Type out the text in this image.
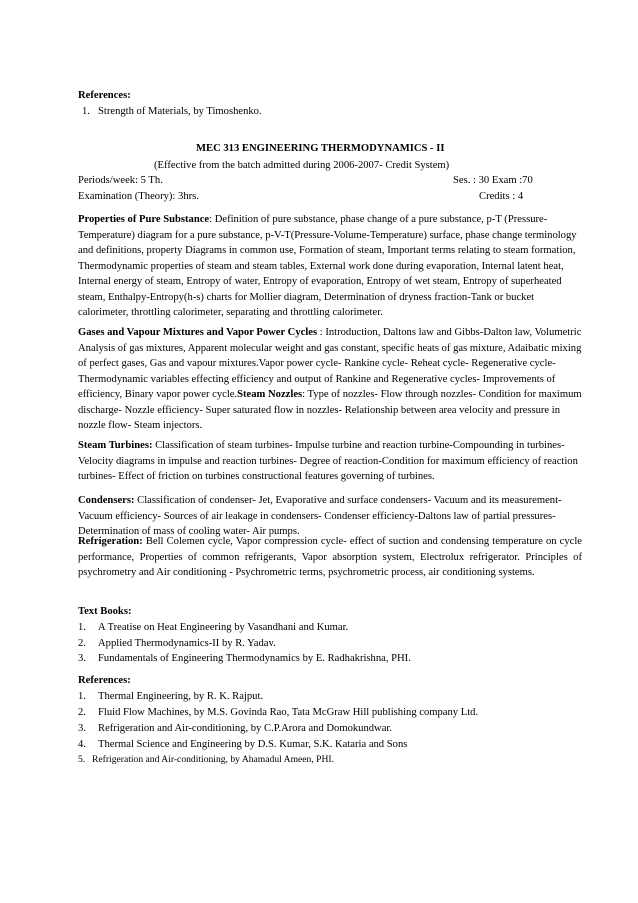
References:
1. Strength of Materials, by Timoshenko.
MEC 313 ENGINEERING THERMODYNAMICS - II
(Effective from the batch admitted during 2006-2007- Credit System)
Periods/week: 5 Th.	Ses. : 30 Exam :70
Examination (Theory): 3hrs.	Credits : 4
Properties of Pure Substance: Definition of pure substance, phase change of a pure substance, p-T (Pressure-Temperature) diagram for a pure substance, p-V-T(Pressure-Volume-Temperature) surface, phase change terminology and definitions, property Diagrams in common use, Formation of steam, Important terms relating to steam formation, Thermodynamic properties of steam and steam tables, External work done during evaporation, Internal latent heat, Internal energy of steam, Entropy of water, Entropy of evaporation, Entropy of wet steam, Entropy of superheated steam, Enthalpy-Entropy(h-s) charts for Mollier diagram, Determination of dryness fraction-Tank or bucket calorimeter, throttling calorimeter, separating and throttling calorimeter.
Gases and Vapour Mixtures and Vapor Power Cycles : Introduction, Daltons law and Gibbs-Dalton law, Volumetric Analysis of gas mixtures, Apparent molecular weight and gas constant, specific heats of gas mixture, Adaibatic mixing of perfect gases, Gas and vapour mixtures.Vapor power cycle- Rankine cycle- Reheat cycle- Regenerative cycle- Thermodynamic variables effecting efficiency and output of Rankine and Regenerative cycles- Improvements of efficiency, Binary vapor power cycle.Steam Nozzles: Type of nozzles- Flow through nozzles- Condition for maximum discharge- Nozzle efficiency- Super saturated flow in nozzles- Relationship between area velocity and pressure in nozzle flow- Steam injectors.
Steam Turbines: Classification of steam turbines- Impulse turbine and reaction turbine-Compounding in turbines- Velocity diagrams in impulse and reaction turbines- Degree of reaction-Condition for maximum efficiency of reaction turbines- Effect of friction on turbines constructional features governing of turbines.
Condensers: Classification of condenser- Jet, Evaporative and surface condensers- Vacuum and its measurement- Vacuum efficiency- Sources of air leakage in condensers- Condenser efficiency-Daltons law of partial pressures- Determination of mass of cooling water- Air pumps.
Refrigeration: Bell Colemen cycle, Vapor compression cycle- effect of suction and condensing temperature on cycle performance, Properties of common refrigerants, Vapor absorption system, Electrolux refrigerator. Principles of psychrometry and Air conditioning - Psychrometric terms, psychrometric process, air conditioning systems.
Text Books:
1. A Treatise on Heat Engineering by Vasandhani and Kumar.
2. Applied Thermodynamics-II by R. Yadav.
3. Fundamentals of Engineering Thermodynamics by E. Radhakrishna, PHI.
References:
1. Thermal Engineering, by R. K. Rajput.
2. Fluid Flow Machines, by M.S. Govinda Rao, Tata McGraw Hill publishing company Ltd.
3. Refrigeration and Air-conditioning, by C.P.Arora and Domokundwar.
4. Thermal Science and Engineering by D.S. Kumar, S.K. Kataria and Sons
5. Refrigeration and Air-conditioning, by Ahamadul Ameen, PHI.
